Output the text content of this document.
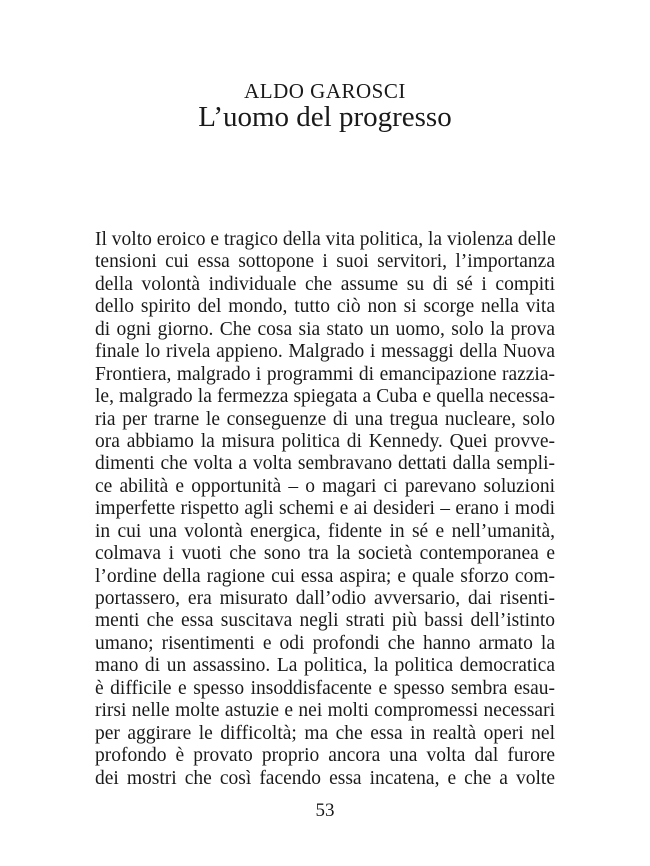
ALDO GAROSCI
L’uomo del progresso
Il volto eroico e tragico della vita politica, la violenza delle
tensioni cui essa sottopone i suoi servitori, l’importanza
della volontà individuale che assume su di sé i compiti
dello spirito del mondo, tutto ciò non si scorge nella vita
di ogni giorno. Che cosa sia stato un uomo, solo la prova
finale lo rivela appieno. Malgrado i messaggi della Nuova
Frontiera, malgrado i programmi di emancipazione razzia-
le, malgrado la fermezza spiegata a Cuba e quella necessa-
ria per trarne le conseguenze di una tregua nucleare, solo
ora abbiamo la misura politica di Kennedy. Quei provve-
dimenti che volta a volta sembravano dettati dalla sempli-
ce abilità e opportunità – o magari ci parevano soluzioni
imperfette rispetto agli schemi e ai desideri – erano i modi
in cui una volontà energica, fidente in sé e nell’umanità,
colmava i vuoti che sono tra la società contemporanea e
l’ordine della ragione cui essa aspira; e quale sforzo com-
portassero, era misurato dall’odio avversario, dai risenti-
menti che essa suscitava negli strati più bassi dell’istinto
umano; risentimenti e odi profondi che hanno armato la
mano di un assassino. La politica, la politica democratica
è difficile e spesso insoddisfacente e spesso sembra esau-
rirsi nelle molte astuzie e nei molti compromessi necessari
per aggirare le difficoltà; ma che essa in realtà operi nel
profondo è provato proprio ancora una volta dal furore
dei mostri che così facendo essa incatena, e che a volte
53
